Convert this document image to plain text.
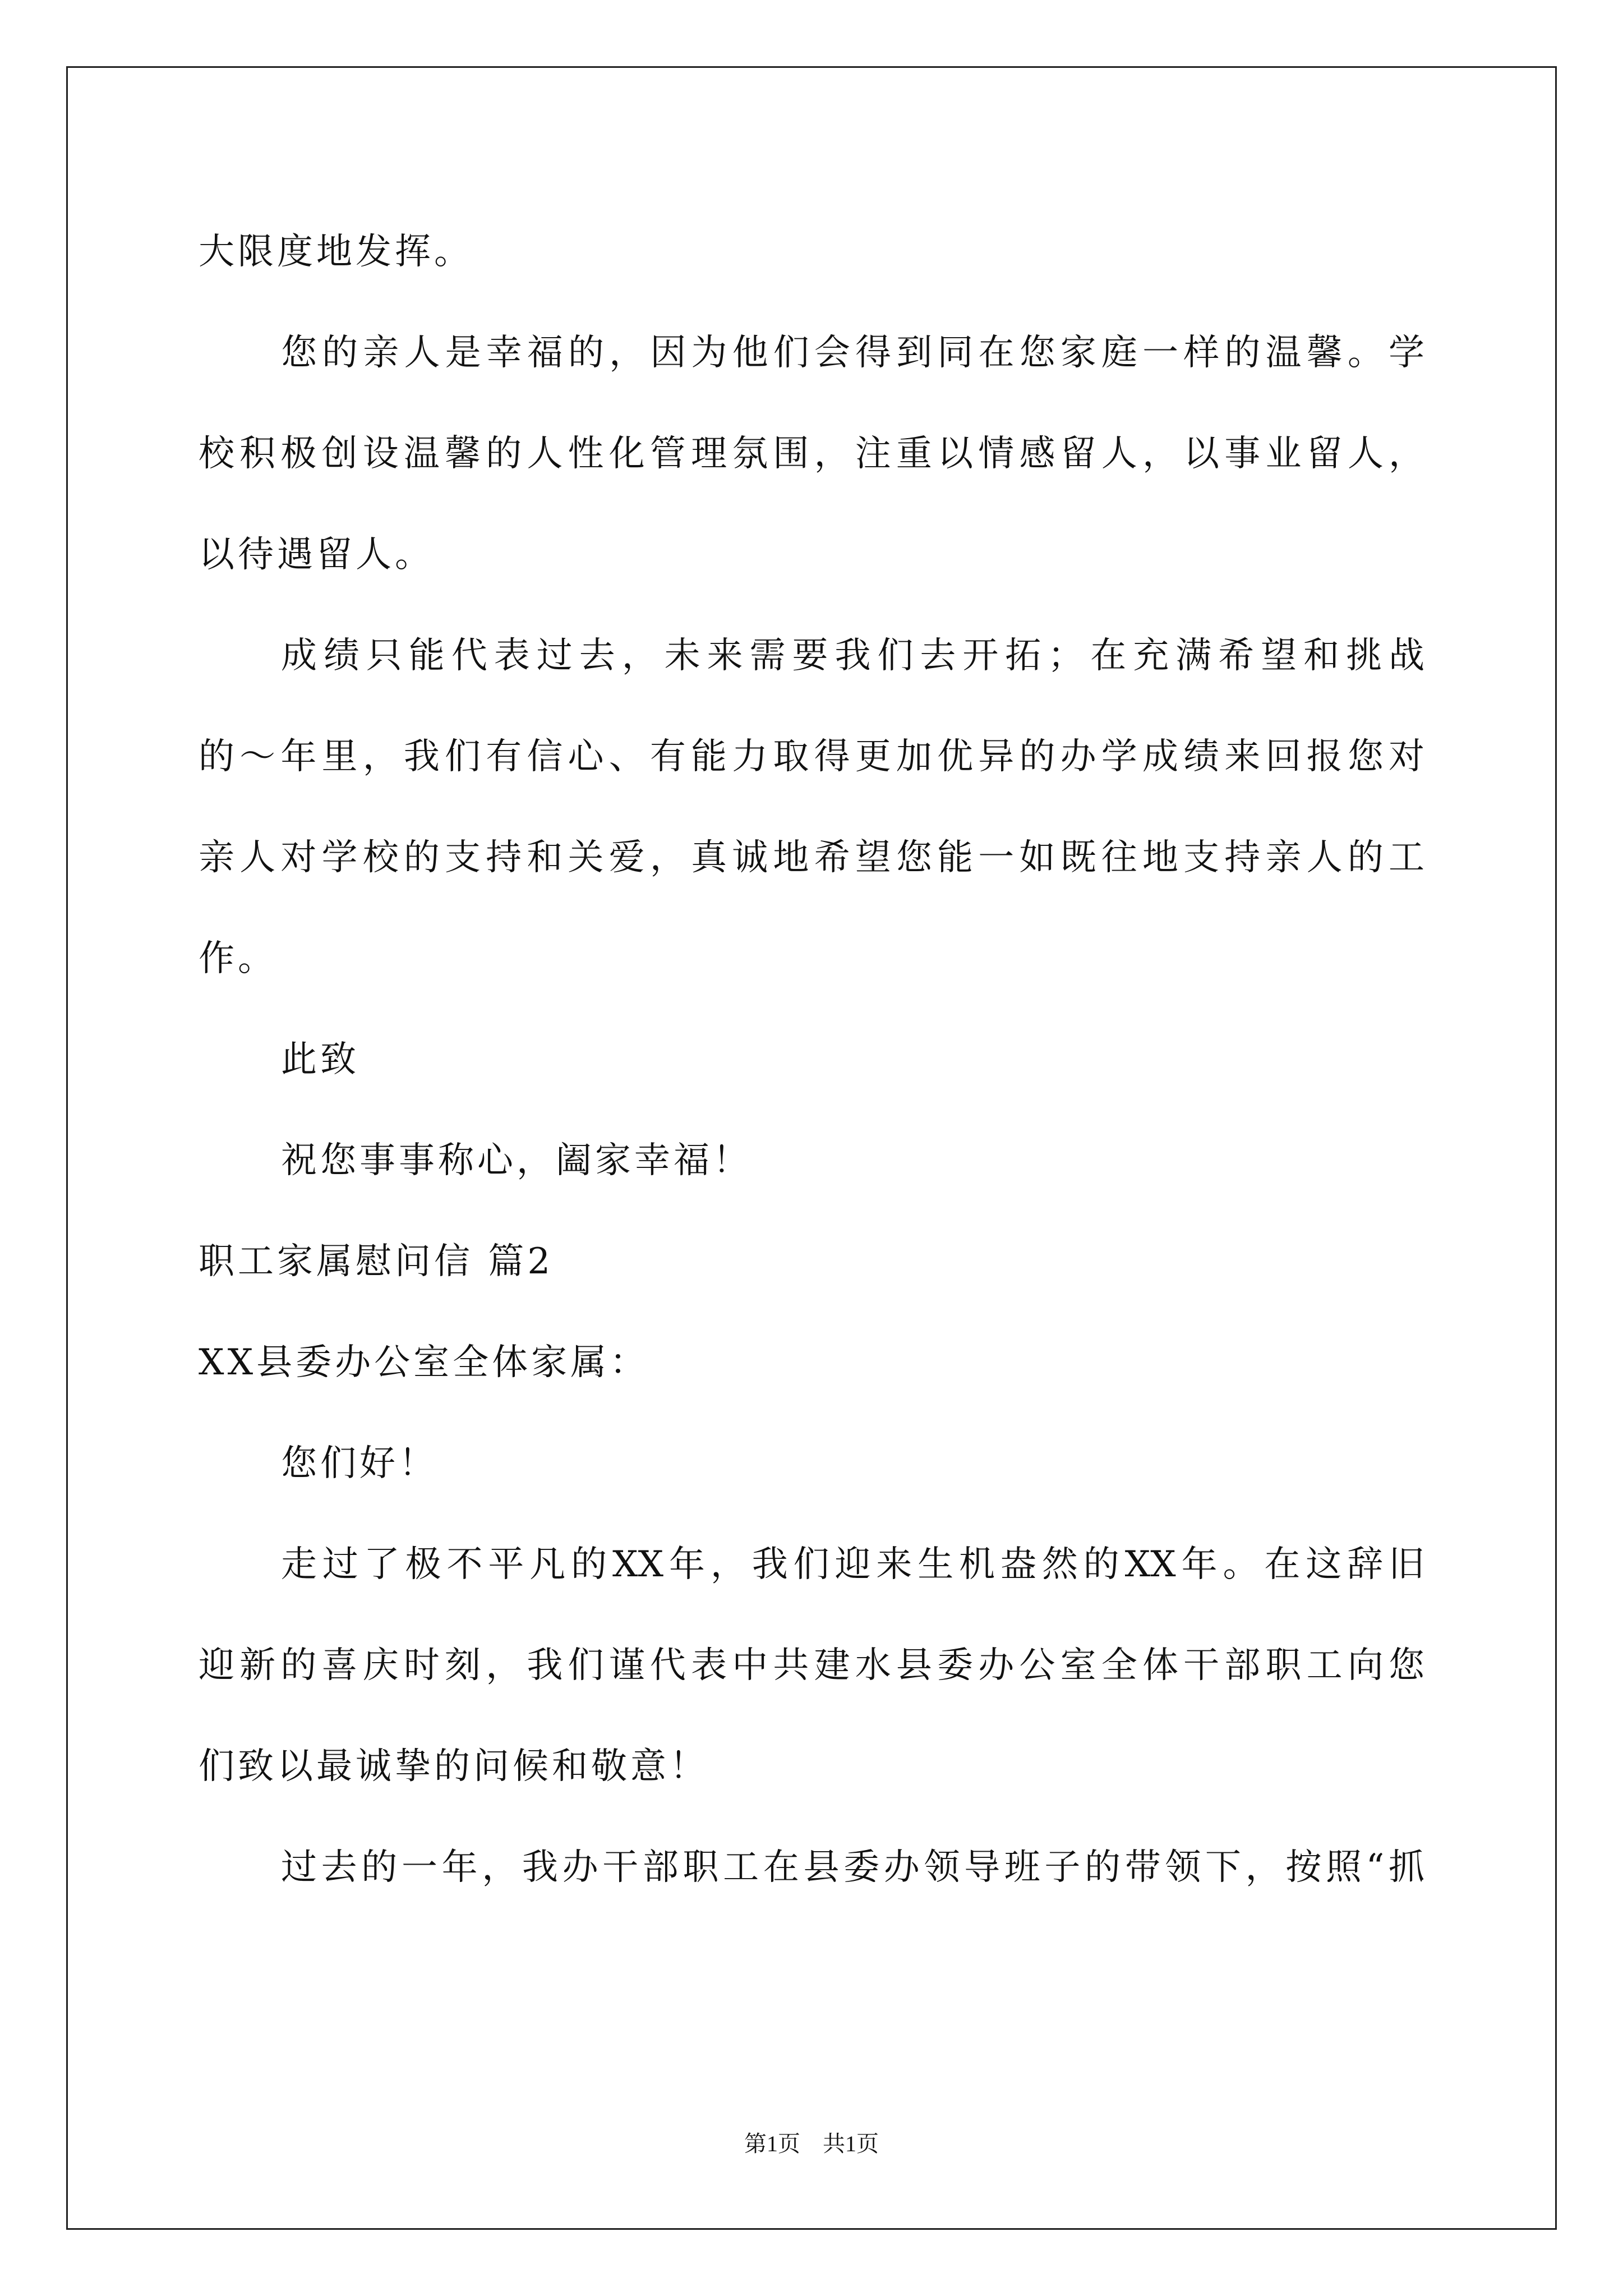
大限度地发挥。
您的亲人是幸福的，因为他们会得到同在您家庭一样的温馨。学
校积极创设温馨的人性化管理氛围，注重以情感留人，以事业留人，
以待遇留人。
成绩只能代表过去，未来需要我们去开拓；在充满希望和挑战
的～年里，我们有信心、有能力取得更加优异的办学成绩来回报您对
亲人对学校的支持和关爱，真诚地希望您能一如既往地支持亲人的工
作。
此致
祝您事事称心，阖家幸福！
职工家属慰问信 篇2
XX县委办公室全体家属：
您们好！
走过了极不平凡的XX年，我们迎来生机盎然的XX年。在这辞旧
迎新的喜庆时刻，我们谨代表中共建水县委办公室全体干部职工向您
们致以最诚挚的问候和敬意！
过去的一年，我办干部职工在县委办领导班子的带领下，按照“抓
第1页 共1页
